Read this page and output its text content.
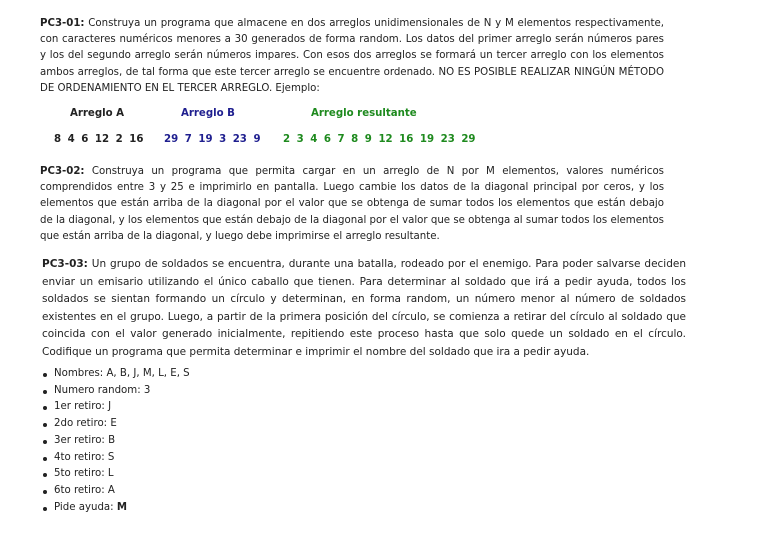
PC3-01: Construya un programa que almacene en dos arreglos unidimensionales de N y M elementos respectivamente, con caracteres numéricos menores a 30 generados de forma random. Los datos del primer arreglo serán números pares y los del segundo arreglo serán números impares. Con esos dos arreglos se formará un tercer arreglo con los elementos ambos arreglos, de tal forma que este tercer arreglo se encuentre ordenado. NO ES POSIBLE REALIZAR NINGÚN MÉTODO DE ORDENAMIENTO EN EL TERCER ARREGLO. Ejemplo:
Arreglo A	Arreglo B	Arreglo resultante
8 4 6 12 2 16 29 7 19 3 23 9 2 3 4 6 7 8 9 12 16 19 23 29
PC3-02: Construya un programa que permita cargar en un arreglo de N por M elementos, valores numéricos comprendidos entre 3 y 25 e imprimirlo en pantalla. Luego cambie los datos de la diagonal principal por ceros, y los elementos que están arriba de la diagonal por el valor que se obtenga de sumar todos los elementos que están debajo de la diagonal, y los elementos que están debajo de la diagonal por el valor que se obtenga al sumar todos los elementos que están arriba de la diagonal, y luego debe imprimirse el arreglo resultante.
PC3-03: Un grupo de soldados se encuentra, durante una batalla, rodeado por el enemigo. Para poder salvarse deciden enviar un emisario utilizando el único caballo que tienen. Para determinar al soldado que irá a pedir ayuda, todos los soldados se sientan formando un círculo y determinan, en forma random, un número menor al número de soldados existentes en el grupo. Luego, a partir de la primera posición del círculo, se comienza a retirar del círculo al soldado que coincida con el valor generado inicialmente, repitiendo este proceso hasta que solo quede un soldado en el círculo. Codifique un programa que permita determinar e imprimir el nombre del soldado que ira a pedir ayuda.
Nombres: A, B, J, M, L, E, S
Numero random: 3
1er retiro: J
2do retiro: E
3er retiro: B
4to retiro: S
5to retiro: L
6to retiro: A
Pide ayuda: M
